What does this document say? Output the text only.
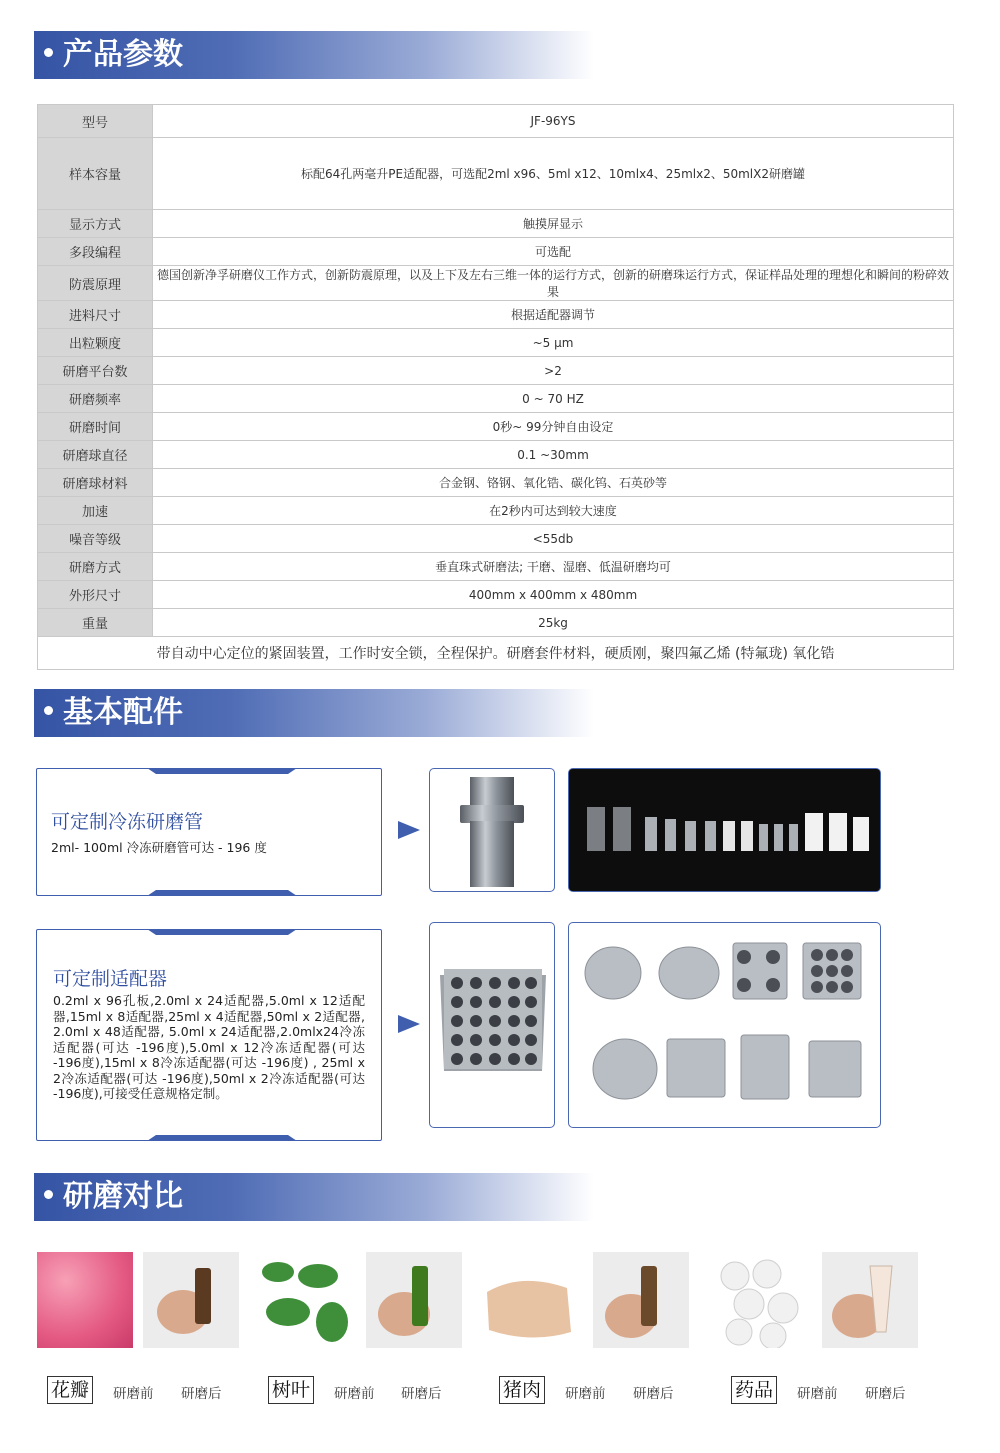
产品参数
型号	JF-96YS
样本容量	标配64孔两毫升PE适配器，可选配2ml x96、5ml x12、10mlx4、25mlx2、50mlX2研磨罐
显示方式	触摸屏显示
多段编程	可选配
防震原理	德国创新净孚研磨仪工作方式，创新防震原理，以及上下及左右三维一体的运行方式，创新的研磨珠运行方式，保证样品处理的理想化和瞬间的粉碎效果
进料尺寸	根据适配器调节
出粒颗度	~5 µm
研磨平台数	>2
研磨频率	0 ~ 70 HZ
研磨时间	0秒~ 99分钟自由设定
研磨球直径	0.1 ~30mm
研磨球材料	合金钢、铬钢、氧化锆、碳化钨、石英砂等
加速	在2秒内可达到较大速度
噪音等级	<55db
研磨方式	垂直珠式研磨法; 干磨、湿磨、低温研磨均可
外形尺寸	400mm x 400mm x 480mm
重量	25kg
带自动中心定位的紧固装置，工作时安全锁，全程保护。研磨套件材料，硬质刚，聚四氟乙烯 (特氟珑) 氧化锆	
基本配件
可定制冷冻研磨管
2ml- 100ml 冷冻研磨管可达 - 196 度
可定制适配器
0.2ml x 96孔板,2.0ml x 24适配器,5.0ml x 12适配器,15ml x 8适配器,25ml x 4适配器,50ml x 2适配器, 2.0ml x 48适配器, 5.0ml x 24适配器,2.0mlx24冷冻适配器(可达 -196度),5.0ml x 12冷冻适配器(可达 -196度),15ml x 8冷冻适配器(可达 -196度) , 25ml x 2冷冻适配器(可达 -196度),50ml x 2冷冻适配器(可达 -196度),可接受任意规格定制。
研磨对比
花瓣 研磨前 研磨后	树叶 研磨前 研磨后	猪肉 研磨前 研磨后	药品 研磨前 研磨后
